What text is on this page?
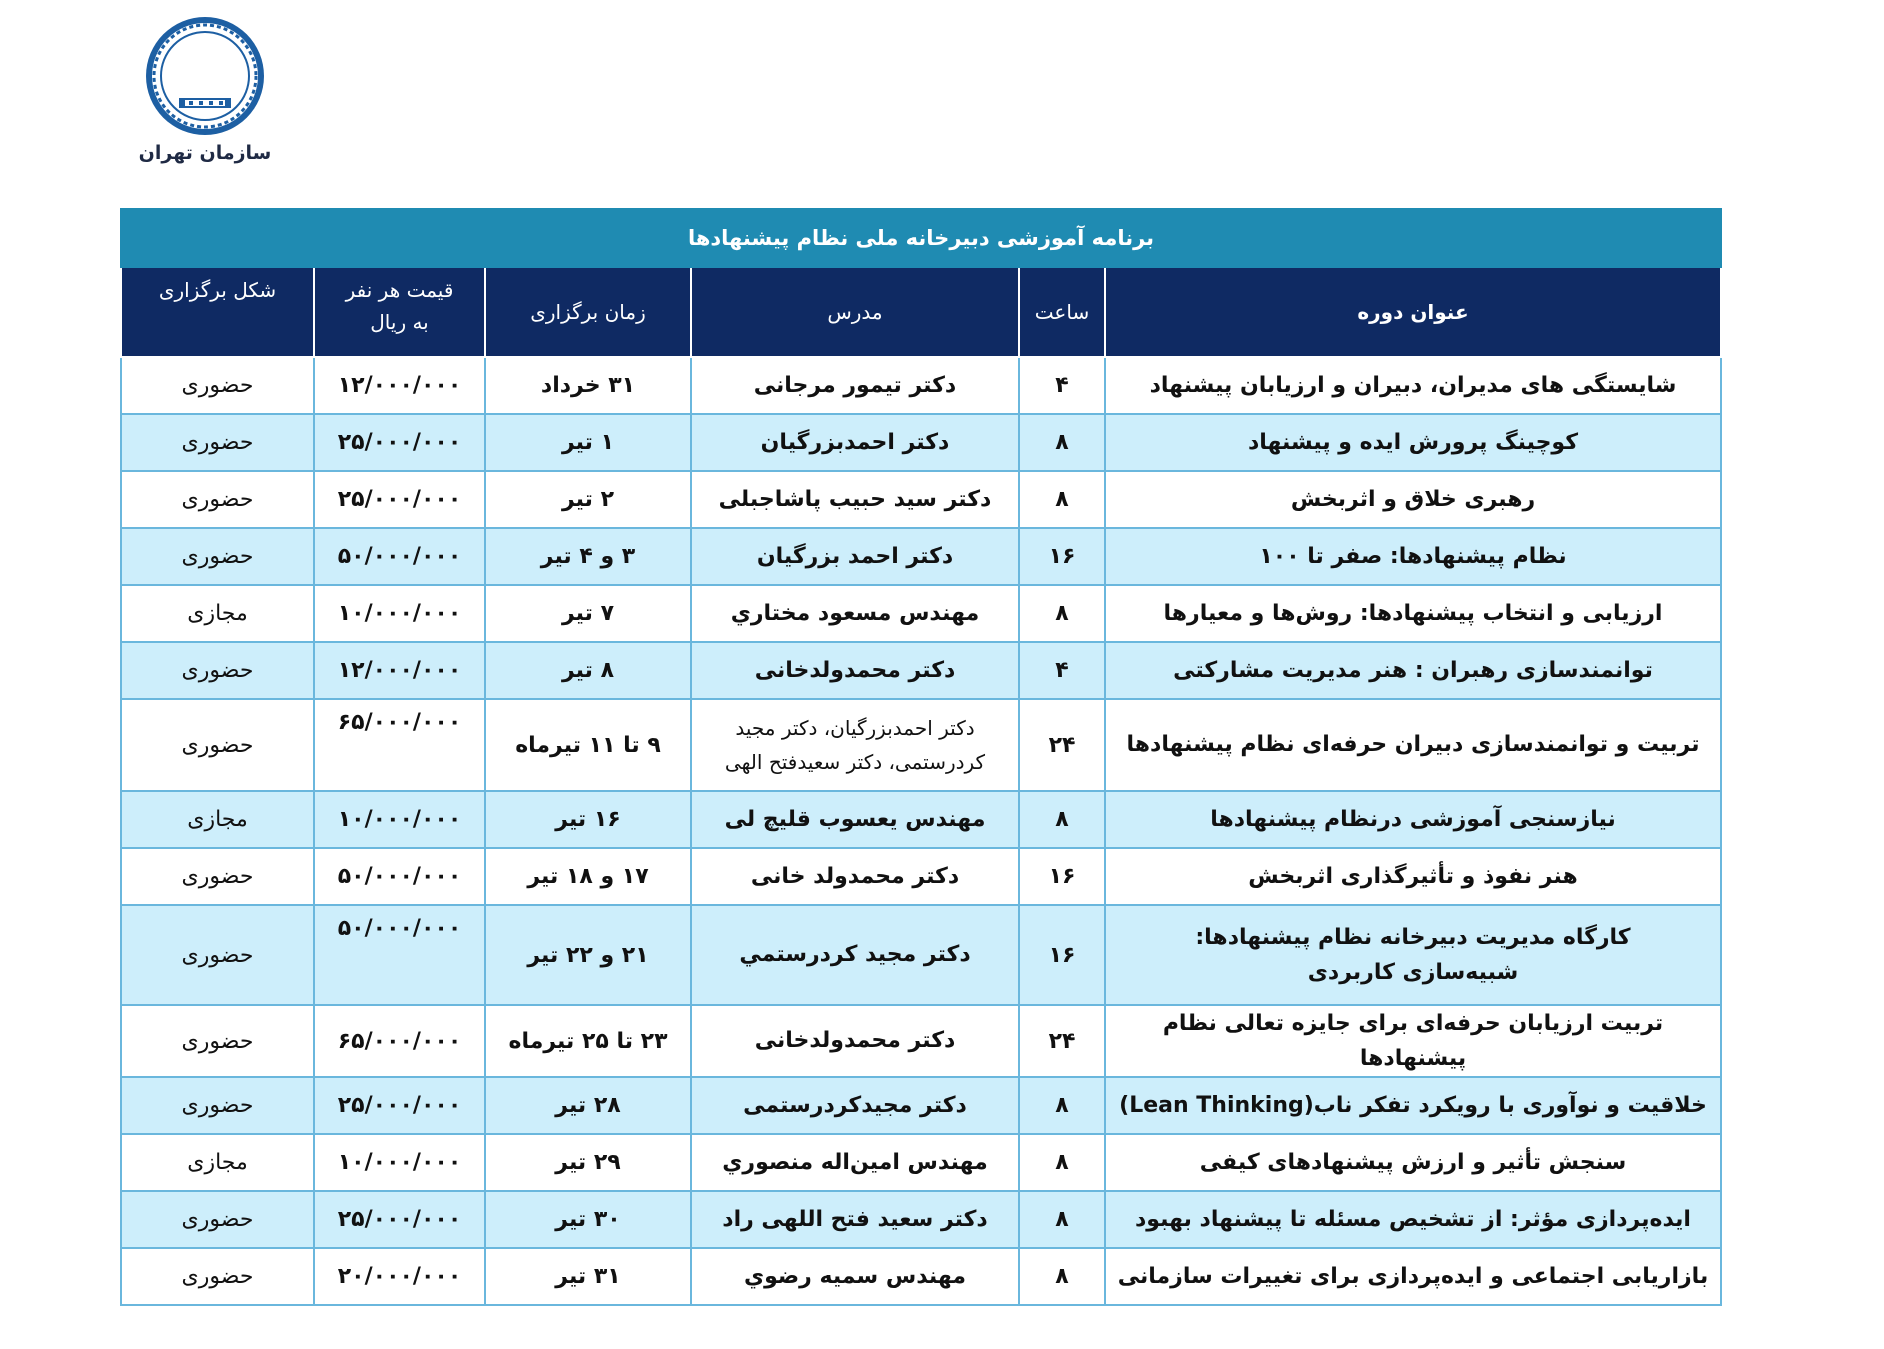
سازمان تهران
برنامه آموزشی دبیرخانه ملی نظام پیشنهادها					
عنوان دوره	ساعت	مدرس	زمان برگزاری	قیمت هر نفر
به ریال	شکل برگزاری
شایستگی های مدیران، دبیران و ارزیابان پیشنهاد	۴	دکتر تیمور مرجانی	۳۱ خرداد	۱۲/۰۰۰/۰۰۰	حضوری
کوچینگ پرورش ایده و پیشنهاد	۸	دکتر احمدبزرگیان	۱ تیر	۲۵/۰۰۰/۰۰۰	حضوری
رهبری خلاق و اثربخش	۸	دکتر سید حبیب پاشاجبلی	۲ تیر	۲۵/۰۰۰/۰۰۰	حضوری
نظام پیشنهادها: صفر تا ۱۰۰	۱۶	دکتر احمد بزرگیان	۳ و ۴ تیر	۵۰/۰۰۰/۰۰۰	حضوری
ارزیابی و انتخاب پیشنهادها: روش‌ها و معیارها	۸	مهندس مسعود مختاري	۷ تیر	۱۰/۰۰۰/۰۰۰	مجازی
توانمندسازی رهبران : هنر مدیریت مشارکتی	۴	دکتر محمدولدخانی	۸ تیر	۱۲/۰۰۰/۰۰۰	حضوری
تربیت و توانمندسازی دبیران حرفه‌ای نظام پیشنهادها	۲۴	دکتر احمدبزرگیان، دکتر مجید
کردرستمی، دکتر سعیدفتح الهی	۹ تا ۱۱ تیرماه	۶۵/۰۰۰/۰۰۰	حضوری
نیازسنجی آموزشی درنظام پیشنهادها	۸	مهندس یعسوب قلیچ لی	۱۶ تیر	۱۰/۰۰۰/۰۰۰	مجازی
هنر نفوذ و تأثیرگذاری اثربخش	۱۶	دکتر محمدولد خانی	۱۷ و ۱۸ تیر	۵۰/۰۰۰/۰۰۰	حضوری

کارگاه مدیریت دبیرخانه نظام پیشنهادها:
شبیه‌سازی کاربردی	۱۶	دکتر مجید کردرستمي	۲۱ و ۲۲ تیر	۵۰/۰۰۰/۰۰۰	حضوری
تربیت ارزیابان حرفه‌ای برای جایزه تعالی نظام پیشنهادها	۲۴	دکتر محمدولدخانی	۲۳ تا ۲۵ تیرماه	۶۵/۰۰۰/۰۰۰	حضوری
خلاقیت و نوآوری با رویکرد تفکر ناب(Lean Thinking)	۸	دکتر مجیدکردرستمی	۲۸ تیر	۲۵/۰۰۰/۰۰۰	حضوری
سنجش تأثیر و ارزش پیشنهادهای کیفی	۸	مهندس امین‌اله منصوري	۲۹ تیر	۱۰/۰۰۰/۰۰۰	مجازی
ایده‌پردازی مؤثر: از تشخیص مسئله تا پیشنهاد بهبود	۸	دکتر سعید فتح اللهی راد	۳۰ تیر	۲۵/۰۰۰/۰۰۰	حضوری
بازاریابی اجتماعی و ایده‌پردازی برای تغییرات سازمانی	۸	مهندس سمیه رضوي	۳۱ تیر	۲۰/۰۰۰/۰۰۰	حضوری
